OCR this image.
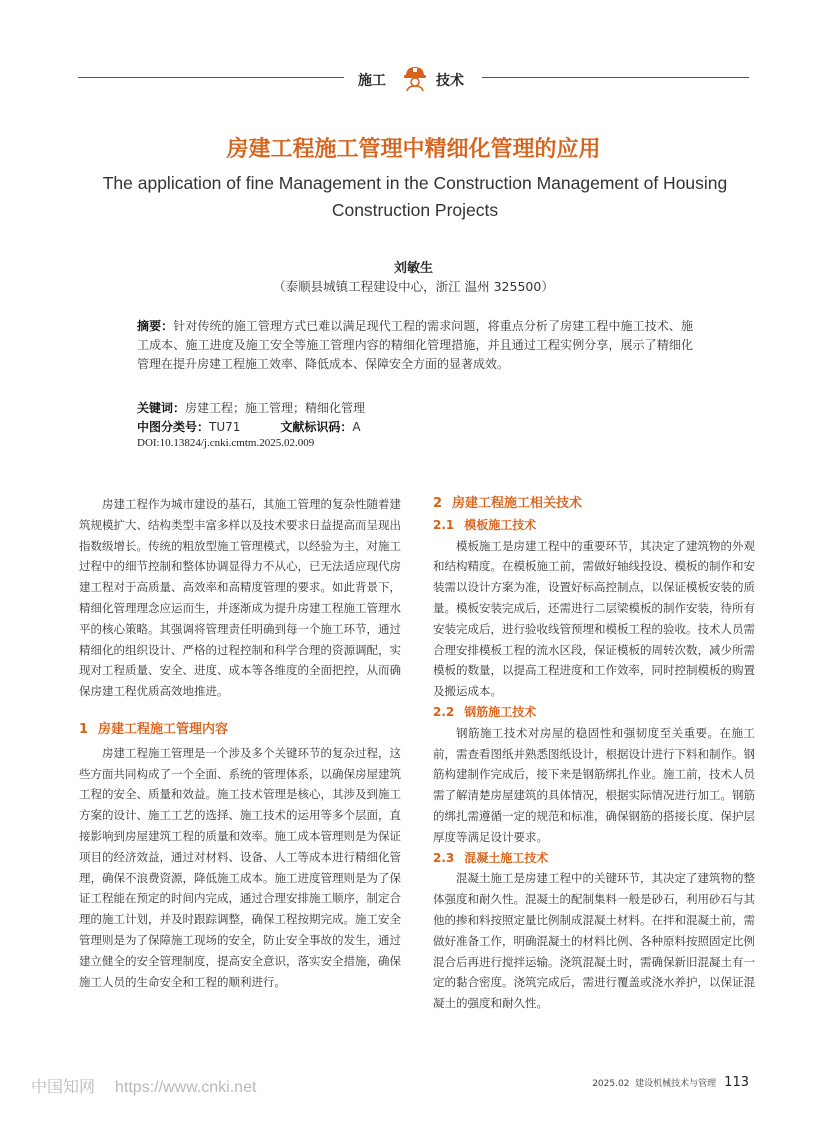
施工	技术
房建工程施工管理中精细化管理的应用
The application of fine Management in the Construction Management of Housing Construction Projects
刘敏生
（泰顺县城镇工程建设中心，浙江 温州 325500）
摘要：针对传统的施工管理方式已难以满足现代工程的需求问题，将重点分析了房建工程中施工技术、施工成本、施工进度及施工安全等施工管理内容的精细化管理措施，并且通过工程实例分享，展示了精细化管理在提升房建工程施工效率、降低成本、保障安全方面的显著成效。
关键词：房建工程；施工管理；精细化管理
中图分类号：TU71	文献标识码：A
DOI:10.13824/j.cnki.cmtm.2025.02.009

房建工程作为城市建设的基石，其施工管理的复杂性随着建筑规模扩大、结构类型丰富多样以及技术要求日益提高而呈现出指数级增长。传统的粗放型施工管理模式，以经验为主，对施工过程中的细节控制和整体协调显得力不从心，已无法适应现代房建工程对于高质量、高效率和高精度管理的要求。如此背景下，精细化管理理念应运而生，并逐渐成为提升房建工程施工管理水平的核心策略。其强调将管理责任明确到每一个施工环节，通过精细化的组织设计、严格的过程控制和科学合理的资源调配，实现对工程质量、安全、进度、成本等各维度的全面把控，从而确保房建工程优质高效地推进。

1 房建工程施工管理内容

房建工程施工管理是一个涉及多个关键环节的复杂过程，这些方面共同构成了一个全面、系统的管理体系，以确保房屋建筑工程的安全、质量和效益。施工技术管理是核心，其涉及到施工方案的设计、施工工艺的选择、施工技术的运用等多个层面，直接影响到房屋建筑工程的质量和效率。施工成本管理则是为保证项目的经济效益，通过对材料、设备、人工等成本进行精细化管理，确保不浪费资源，降低施工成本。施工进度管理则是为了保证工程能在预定的时间内完成，通过合理安排施工顺序，制定合理的施工计划，并及时跟踪调整，确保工程按期完成。施工安全管理则是为了保障施工现场的安全，防止安全事故的发生，通过建立健全的安全管理制度，提高安全意识，落实安全措施，确保施工人员的生命安全和工程的顺利进行。

2 房建工程施工相关技术
2.1 模板施工技术

模板施工是房建工程中的重要环节，其决定了建筑物的外观和结构精度。在模板施工前，需做好轴线投设、模板的制作和安装需以设计方案为准，设置好标高控制点，以保证模板安装的质量。模板安装完成后，还需进行二层梁模板的制作安装，待所有安装完成后，进行验收线管预埋和模板工程的验收。技术人员需合理安排模板工程的流水区段，保证模板的周转次数，减少所需模板的数量，以提高工程进度和工作效率，同时控制模板的购置及搬运成本。

2.2 钢筋施工技术

钢筋施工技术对房屋的稳固性和强韧度至关重要。在施工前，需查看图纸并熟悉图纸设计，根据设计进行下料和制作。钢筋构建制作完成后，接下来是钢筋绑扎作业。施工前，技术人员需了解清楚房屋建筑的具体情况，根据实际情况进行加工。钢筋的绑扎需遵循一定的规范和标准，确保钢筋的搭接长度、保护层厚度等满足设计要求。

2.3 混凝土施工技术

混凝土施工是房建工程中的关键环节，其决定了建筑物的整体强度和耐久性。混凝土的配制集料一般是砂石，利用砂石与其他的掺和料按照定量比例制成混凝土材料。在拌和混凝土前，需做好准备工作，明确混凝土的材料比例、各种原料按照固定比例混合后再进行搅拌运输。浇筑混凝土时，需确保新旧混凝土有一定的黏合密度。浇筑完成后，需进行覆盖或浇水养护，以保证混凝土的强度和耐久性。

中国知网 https://www.cnki.net	2025.02 建设机械技术与管理 113
